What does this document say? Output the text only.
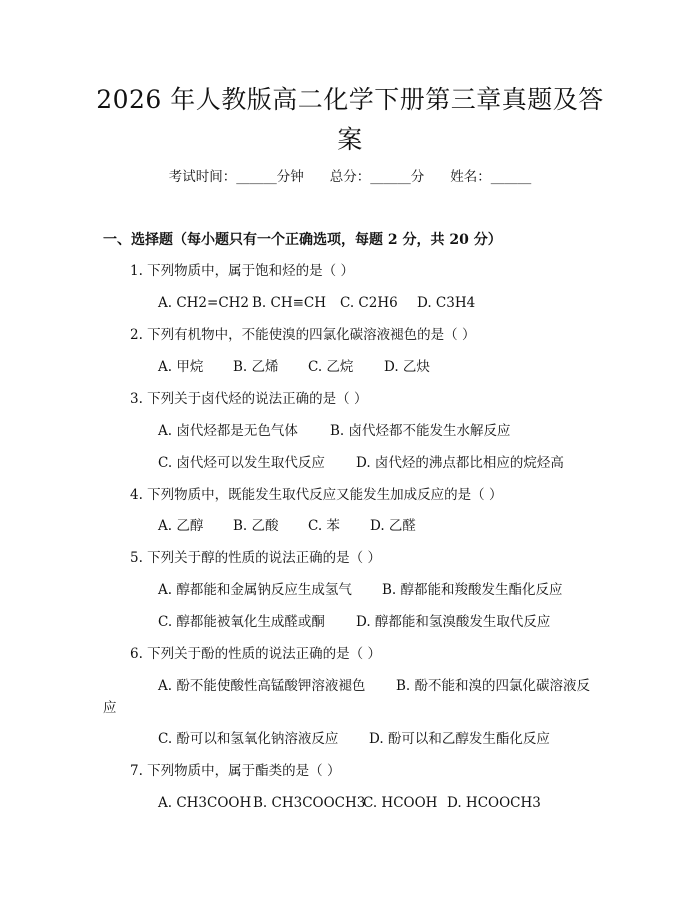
2026 年人教版高二化学下册第三章真题及答
案
考试时间：______分钟 总分：______分 姓名：______
一、选择题（每小题只有一个正确选项，每题 2 分，共 20 分）
1. 下列物质中，属于饱和烃的是（ ）
A. CH2=CH2 B. CH≡CH C. C2H6 D. C3H4
2. 下列有机物中，不能使溴的四氯化碳溶液褪色的是（ ）
A. 甲烷 B. 乙烯 C. 乙烷 D. 乙炔
3. 下列关于卤代烃的说法正确的是（ ）
A. 卤代烃都是无色气体 B. 卤代烃都不能发生水解反应
C. 卤代烃可以发生取代反应 D. 卤代烃的沸点都比相应的烷烃高
4. 下列物质中，既能发生取代反应又能发生加成反应的是（ ）
A. 乙醇 B. 乙酸 C. 苯 D. 乙醛
5. 下列关于醇的性质的说法正确的是（ ）
A. 醇都能和金属钠反应生成氢气 B. 醇都能和羧酸发生酯化反应
C. 醇都能被氧化生成醛或酮 D. 醇都能和氢溴酸发生取代反应
6. 下列关于酚的性质的说法正确的是（ ）
A. 酚不能使酸性高锰酸钾溶液褪色 B. 酚不能和溴的四氯化碳溶液反
应
C. 酚可以和氢氧化钠溶液反应 D. 酚可以和乙醇发生酯化反应
7. 下列物质中，属于酯类的是（ ）
A. CH3COOH B. CH3COOCH3C. HCOOH D. HCOOCH3
